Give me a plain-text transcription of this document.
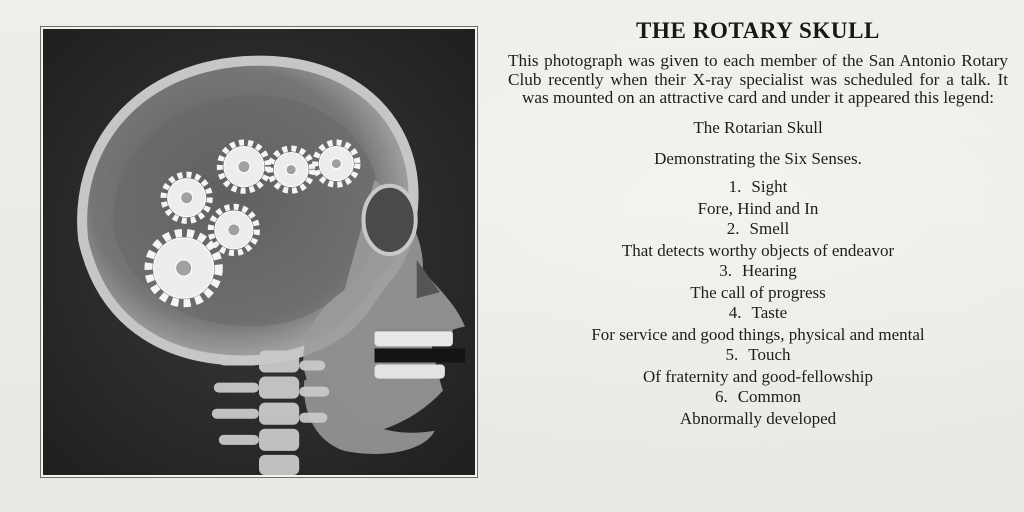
THE ROTARY SKULL
This photograph was given to each member of the San Antonio Rotary Club recently when their X-ray specialist was scheduled for a talk. It was mounted on an attractive card and under it appeared this legend:
The Rotarian Skull
Demonstrating the Six Senses.
1. Sight
Fore, Hind and In
2. Smell
That detects worthy objects of endeavor
3. Hearing
The call of progress
4. Taste
For service and good things, physical and mental
5. Touch
Of fraternity and good-fellowship
6. Common
Abnormally developed
